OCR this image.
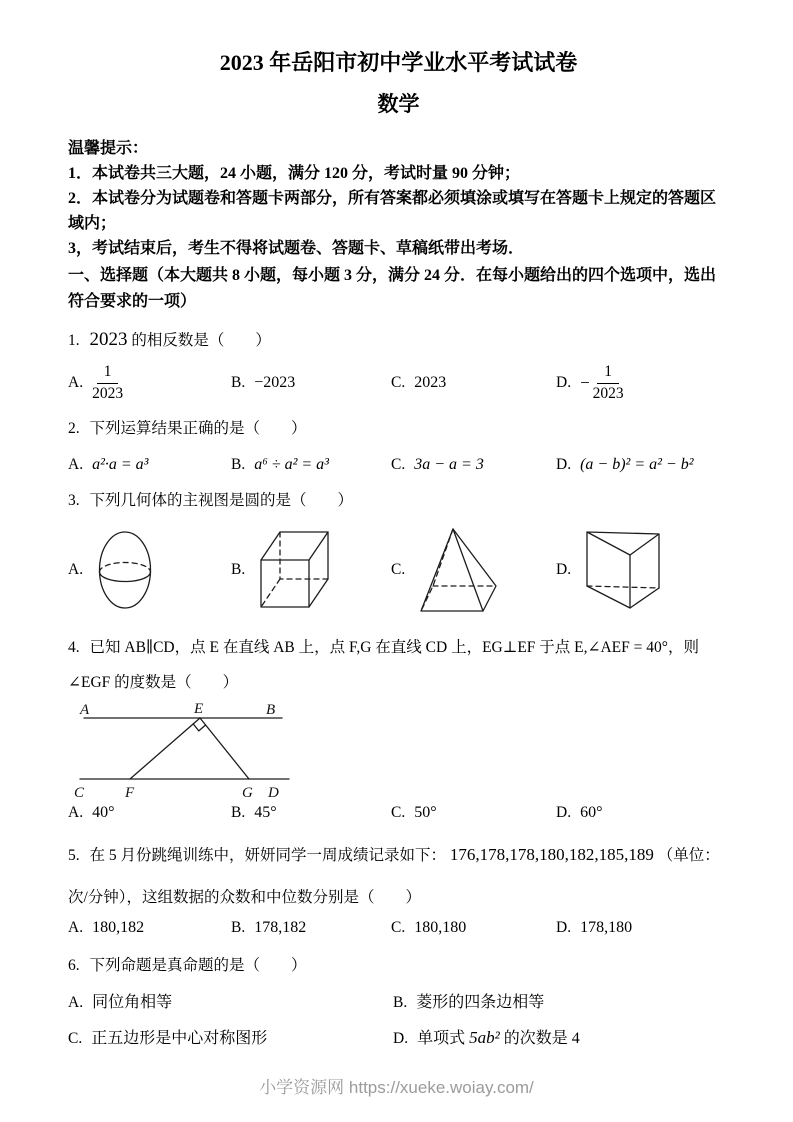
2023 年岳阳市初中学业水平考试试卷
数学

温馨提示：

1．本试卷共三大题，24 小题，满分 120 分，考试时量 90 分钟；

2．本试卷分为试题卷和答题卡两部分，所有答案都必须填涂或填写在答题卡上规定的答题区域内；

3，考试结束后，考生不得将试题卷、答题卡、草稿纸带出考场．

一、选择题（本大题共 8 小题，每小题 3 分，满分 24 分．在每小题给出的四个选项中，选出符合要求的一项）

1. 2023 的相反数是（　　）

A. $\frac{1}{2023}$	B. −2023	C. 2023	D. − $\frac{1}{2023}$

2. 下列运算结果正确的是（　　）

A. a²·a = a³	B. a⁶ ÷ a² = a³	C. 3a − a = 3	D. (a − b)² = a² − b²

3. 下列几何体的主视图是圆的是（　　）

A.	B.	C.	D.

4. 已知 AB∥CD，点 E 在直线 AB 上，点 F,G 在直线 CD 上，EG⊥EF 于点 E,∠AEF = 40°，则∠EGF 的度数是（　　）

A	E	B
C	F	G D
A. 40°	B. 45°	C. 50°	D. 60°

5. 在 5 月份跳绳训练中，妍妍同学一周成绩记录如下： 176,178,178,180,182,185,189 （单位：次/分钟），这组数据的众数和中位数分别是（　　）

A. 180,182	B. 178,182	C. 180,180	D. 178,180

6. 下列命题是真命题的是（　　）

A. 同位角相等	B. 菱形的四条边相等
C. 正五边形是中心对称图形	D. 单项式 5ab² 的次数是 4
小学资源网 https://xueke.woiay.com/
